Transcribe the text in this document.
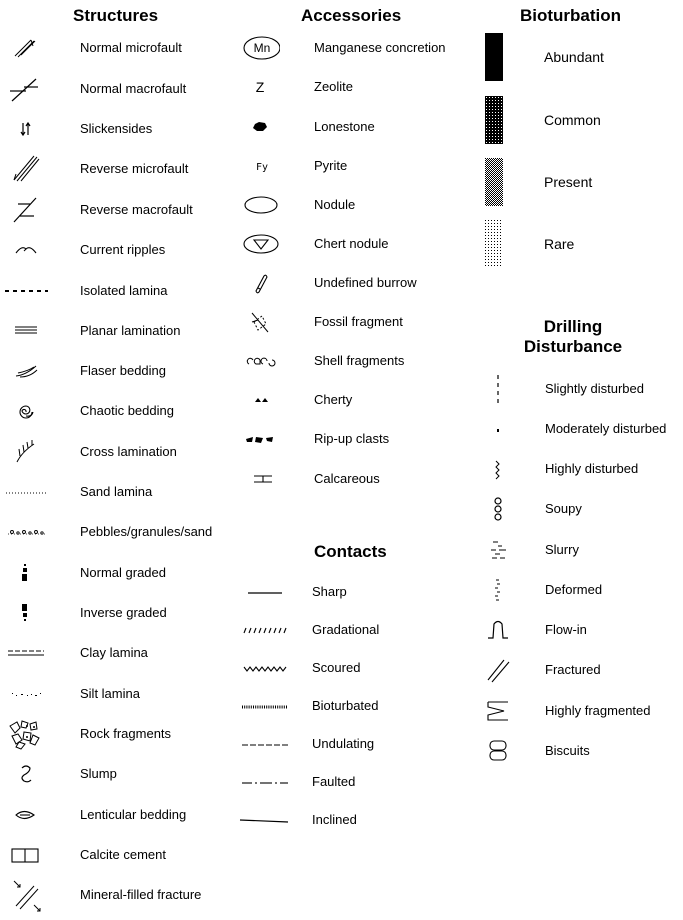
Structures
Normal microfault
Normal macrofault
Slickensides
Reverse microfault
Reverse macrofault
Current ripples
Isolated lamina
Planar lamination
Flaser bedding
Chaotic bedding
Cross lamination
Sand lamina
Pebbles/granules/sand
Normal graded
Inverse graded
Clay lamina
Silt lamina
Rock fragments
Slump
Lenticular bedding
Calcite cement
Mineral-filled fracture
Accessories
Mn	Manganese concretion
Z	Zeolite
Lonestone
Fy	Pyrite
Nodule
Chert nodule
Undefined burrow
Fossil fragment
Shell fragments
Cherty
Rip-up clasts
Calcareous
Contacts
Sharp
Gradational
Scoured
Bioturbated
Undulating
Faulted
Inclined
Bioturbation
Abundant
Common
Present
Rare
Drilling
Disturbance
Slightly disturbed
Moderately disturbed
Highly disturbed
Soupy
Slurry
Deformed
Flow-in
Fractured
Highly fragmented
Biscuits
